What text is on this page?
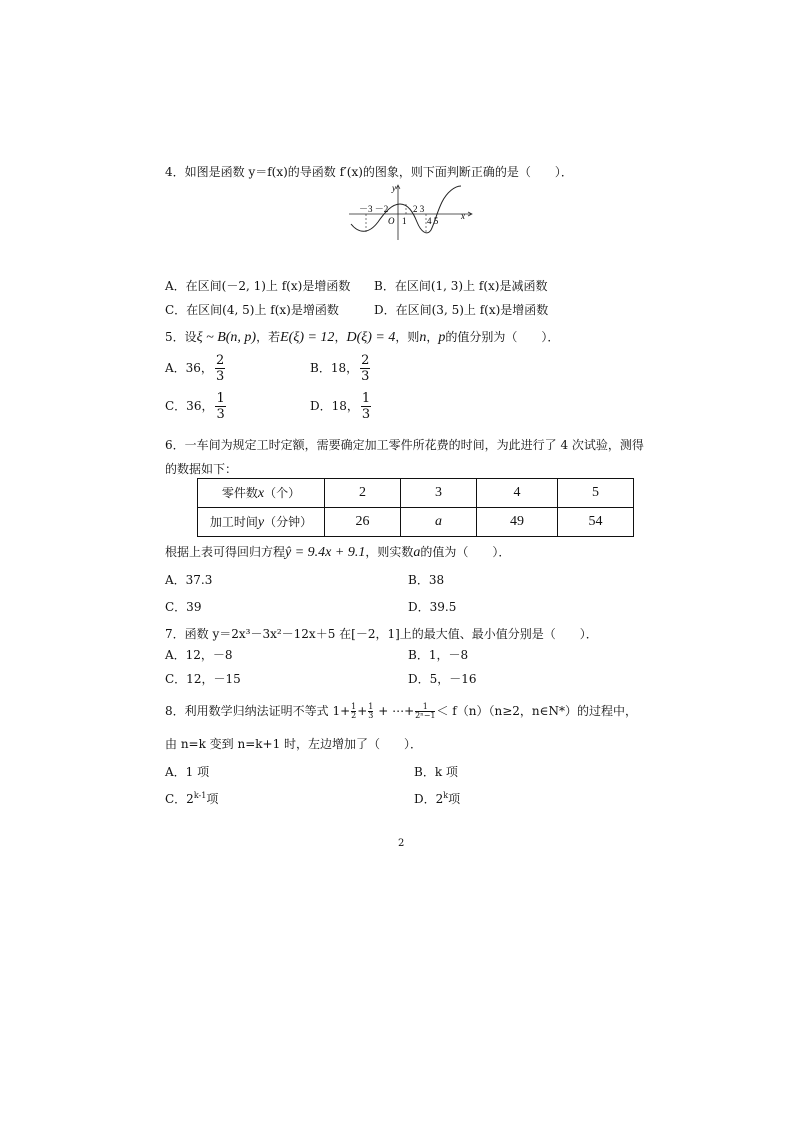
4．如图是函数 y＝f(x)的导函数 f′(x)的图象，则下面判断正确的是（　　）．
x
y
－3 －2
O 1
2 3
4 5
A．在区间(－2, 1)上 f(x)是增函数 B．在区间(1, 3)上 f(x)是减函数
C．在区间(4, 5)上 f(x)是增函数	D．在区间(3, 5)上 f(x)是增函数
5．设ξ ~ B(n, p)，若E(ξ) = 12，D(ξ) = 4，则n，p的值分别为（　　）．
A．36， $\frac{2}{3}$	B．18， $\frac{2}{3}$
C．36， $\frac{1}{3}$	D．18， $\frac{1}{3}$
6．一车间为规定工时定额，需要确定加工零件所花费的时间，为此进行了 4 次试验，测得
的数据如下：
零件数x（个）	2	3	4	5
加工时间y（分钟）	26	a	49	54
根据上表可得回归方程ŷ = 9.4x + 9.1，则实数a的值为（　　）．
A．37.3	B．38
C．39	D．39.5
7．函数 y＝2x³－3x²－12x＋5 在[－2，1]上的最大值、最小值分别是（　　）．
A．12，－8	B．1，－8
C．12，－15	D．5，－16
8．利用数学归纳法证明不等式 $1+ \frac{1}{2} + \frac{1}{3}$ + ⋯+ $\frac{1}{\text{2ⁿ−1}} < f(n)(n\ge 2$，n∈N*）的过程中，
由 n=k 变到 n=k+1 时，左边增加了（　　）．
A．1 项	B．k 项
C．2$^{k-1}$项	D．2$^k$项
2
